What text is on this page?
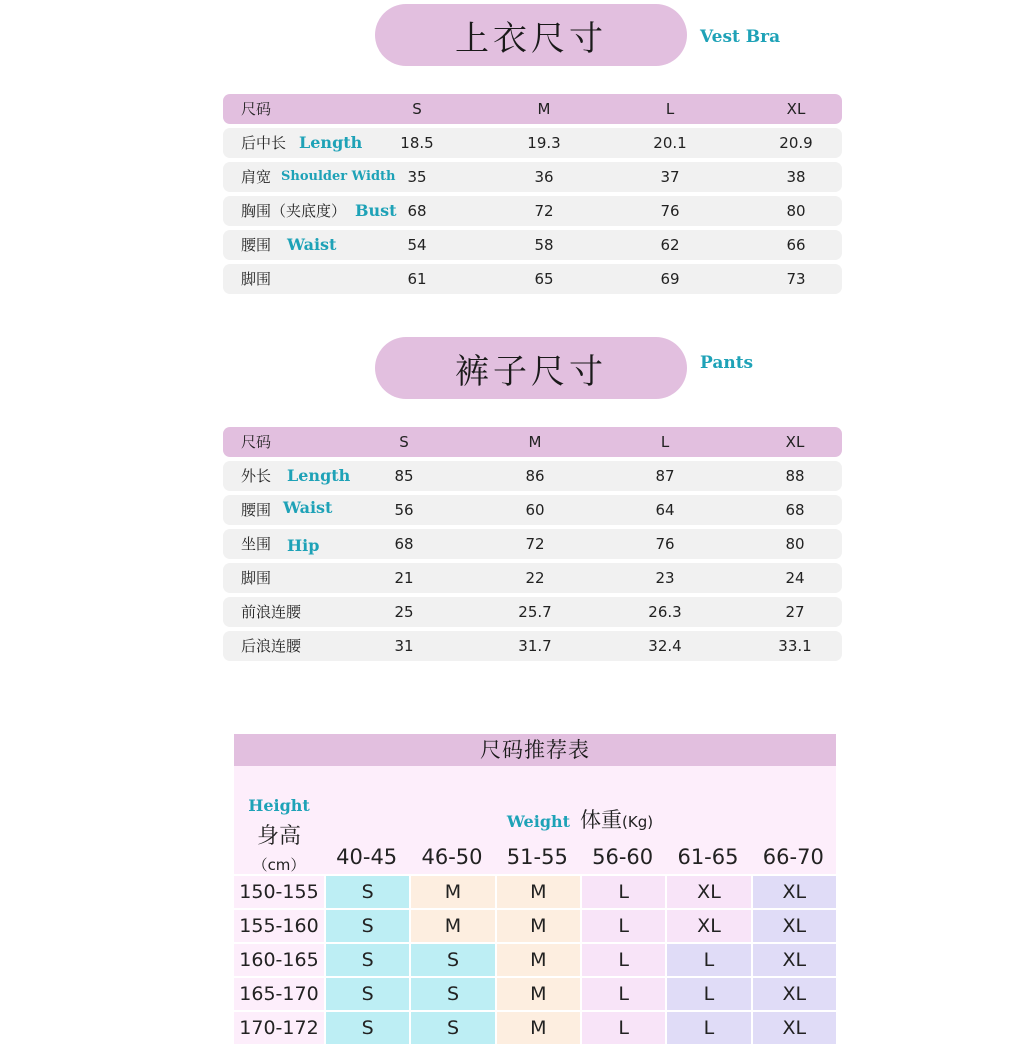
上衣尺寸	Vest Bra
尺码	S	M	L	XL
后中长 Length	18.5	19.3	20.1	20.9
肩宽 Shoulder Width 35	36	37	38
胸围（夹底度） Bust 68	72	76	80
腰围 Waist	54	58	62	66
脚围	61	65	69	73
裤子尺寸	Pants
尺码	S	M	L	XL
外长 Length	85	86	87	88
腰围 Waist	56	60	64	68
坐围 Hip	68	72	76	80
脚围	21	22	23	24
前浪连腰	25	25.7	26.3	27
后浪连腰	31	31.7	32.4	33.1
尺码推荐表
Height
身高
（cm）
Weight 体重(Kg)
40-45	46-50	51-55	56-60	61-65	66-70
150-155	S	M	M	L	XL	XL
155-160	S	M	M	L	XL	XL
160-165	S	S	M	L	L	XL
165-170	S	S	M	L	L	XL
170-172	S	S	M	L	L	XL
